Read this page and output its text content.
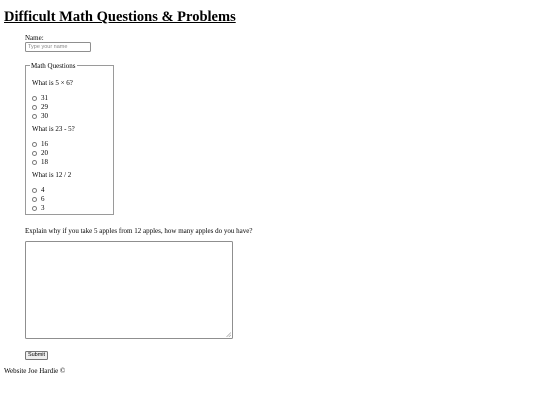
Difficult Math Questions & Problems
Name:
Type your name
Math Questions
What is 5 × 6?
31
29
30
What is 23 - 5?
16
20
18
What is 12 / 2
4
6
3
Explain why if you take 5 apples from 12 apples, how many apples do you have?
Submit
Website Joe Hardie ©
